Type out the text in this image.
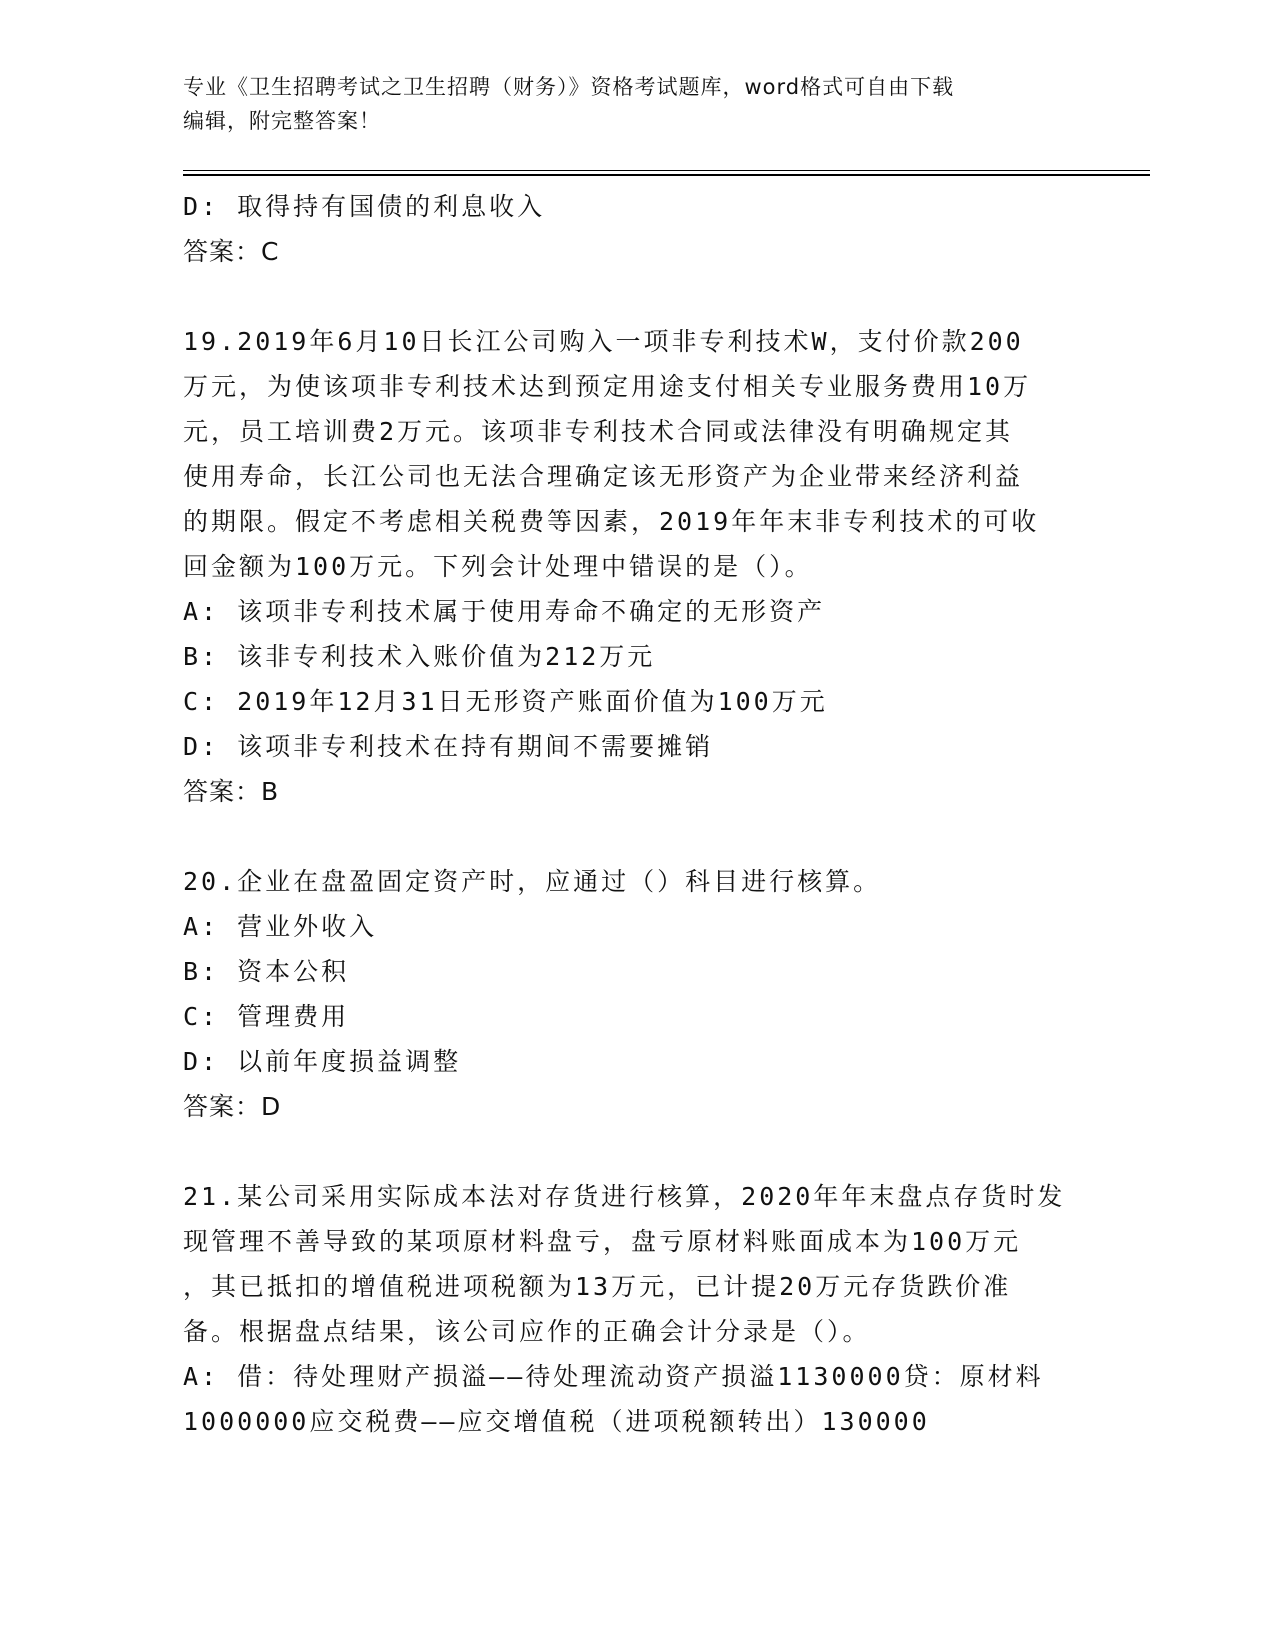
专业《卫生招聘考试之卫生招聘（财务）》资格考试题库，word格式可自由下载
编辑，附完整答案！
D: 取得持有国债的利息收入
答案：C
19.2019年6月10日长江公司购入一项非专利技术W，支付价款200
万元，为使该项非专利技术达到预定用途支付相关专业服务费用10万
元，员工培训费2万元。该项非专利技术合同或法律没有明确规定其
使用寿命，长江公司也无法合理确定该无形资产为企业带来经济利益
的期限。假定不考虑相关税费等因素，2019年年末非专利技术的可收
回金额为100万元。下列会计处理中错误的是（）。
A: 该项非专利技术属于使用寿命不确定的无形资产
B: 该非专利技术入账价值为212万元
C: 2019年12月31日无形资产账面价值为100万元
D: 该项非专利技术在持有期间不需要摊销
答案：B
20.企业在盘盈固定资产时，应通过（）科目进行核算。
A: 营业外收入
B: 资本公积
C: 管理费用
D: 以前年度损益调整
答案：D
21.某公司采用实际成本法对存货进行核算，2020年年末盘点存货时发
现管理不善导致的某项原材料盘亏，盘亏原材料账面成本为100万元
，其已抵扣的增值税进项税额为13万元，已计提20万元存货跌价准
备。根据盘点结果，该公司应作的正确会计分录是（）。
A: 借：待处理财产损溢——待处理流动资产损溢1130000贷：原材料
1000000应交税费——应交增值税（进项税额转出）130000
